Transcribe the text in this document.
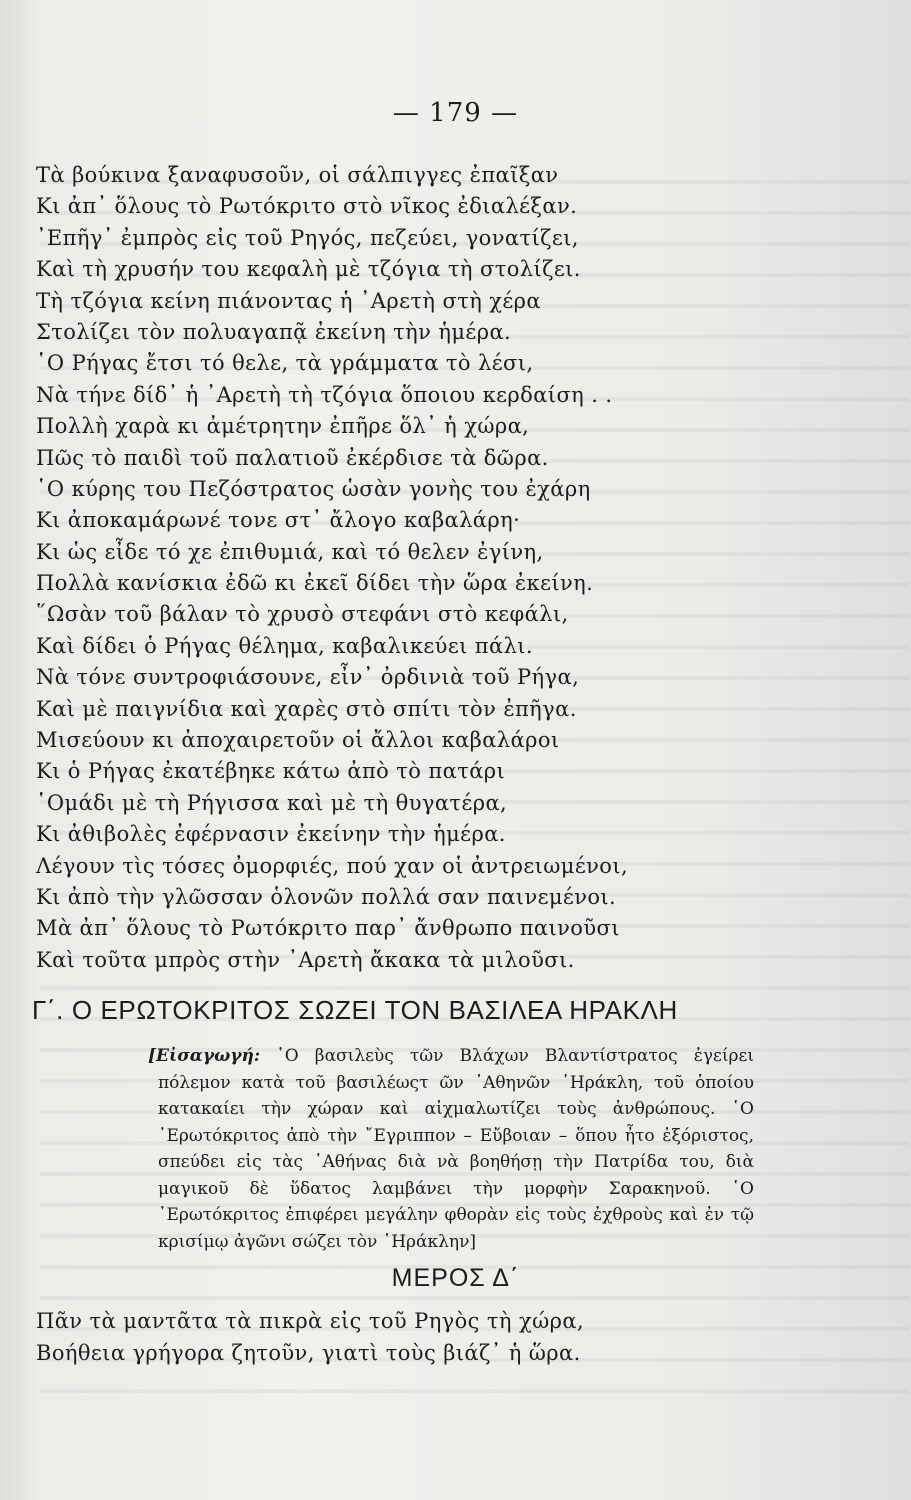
— 179 —
Τὰ βούκινα ξαναφυσοῦν, οἱ σάλπιγγες ἐπαῖξαν
Κι ἀπ᾿ ὅλους τὸ Ρωτόκριτο στὸ νῖκος ἐδιαλέξαν.
᾿Επῆγ᾿ ἐμπρὸς εἰς τοῦ Ρηγός, πεζεύει, γονατίζει,
Καὶ τὴ χρυσήν του κεφαλὴ μὲ τζόγια τὴ στολίζει.
Τὴ τζόγια κείνη πιάνοντας ἡ ᾿Αρετὴ στὴ χέρα
Στολίζει τὸν πολυαγαπᾷ ἐκείνη τὴν ἡμέρα.
῾Ο Ρήγας ἔτσι τό θελε, τὰ γράμματα τὸ λέσι,
Νὰ τήνε δίδ᾿ ἡ ᾿Αρετὴ τὴ τζόγια ὅποιου κερδαίση . .
Πολλὴ χαρὰ κι ἀμέτρητην ἐπῆρε ὅλ᾿ ἡ χώρα,
Πῶς τὸ παιδὶ τοῦ παλατιοῦ ἐκέρδισε τὰ δῶρα.
῾Ο κύρης του Πεζόστρατος ὡσὰν γονὴς του ἐχάρη
Κι ἀποκαμάρωνέ τονε στ᾿ ἄλογο καβαλάρη·
Κι ὡς εἶδε τό χε ἐπιθυμιά, καὶ τό θελεν ἐγίνη,
Πολλὰ κανίσκια ἐδῶ κι ἐκεῖ δίδει τὴν ὥρα ἐκείνη.
῞Ωσὰν τοῦ βάλαν τὸ χρυσὸ στεφάνι στὸ κεφάλι,
Καὶ δίδει ὁ Ρήγας θέλημα, καβαλικεύει πάλι.
Νὰ τόνε συντροφιάσουνε, εἶν᾿ ὀρδινιὰ τοῦ Ρήγα,
Καὶ μὲ παιγνίδια καὶ χαρὲς στὸ σπίτι τὸν ἐπῆγα.
Μισεύουν κι ἀποχαιρετοῦν οἱ ἄλλοι καβαλάροι
Κι ὁ Ρήγας ἐκατέβηκε κάτω ἀπὸ τὸ πατάρι
῾Ομάδι μὲ τὴ Ρήγισσα καὶ μὲ τὴ θυγατέρα,
Κι ἀθιβολὲς ἐφέρνασιν ἐκείνην τὴν ἡμέρα.
Λέγουν τὶς τόσες ὀμορφιές, πού χαν οἱ ἀντρειωμένοι,
Κι ἀπὸ τὴν γλῶσσαν ὁλονῶν πολλά σαν παινεμένοι.
Μὰ ἀπ᾿ ὅλους τὸ Ρωτόκριτο παρ᾿ ἄνθρωπο παινοῦσι
Καὶ τοῦτα μπρὸς στὴν ᾿Αρετὴ ἄκακα τὰ μιλοῦσι.
Γ΄. Ο ΕΡΩΤΟΚΡΙΤΟΣ ΣΩΖΕΙ ΤΟΝ ΒΑΣΙΛΕΑ ΗΡΑΚΛΗ
[Εἰσαγωγή: ῾Ο βασιλεὺς τῶν Βλάχων Βλαντίστρατος ἐγείρει πόλεμον κατὰ τοῦ βασιλέωςτ ῶν ᾿Αθηνῶν ῾Ηράκλη, τοῦ ὁποίου κατακαίει τὴν χώραν καὶ αἰχμαλωτίζει τοὺς ἀνθρώπους. ῾Ο ᾿Ερωτόκριτος ἀπὸ τὴν ῎Εγριππον – Εὔβοιαν – ὅπου ἦτο ἐξόριστος, σπεύδει εἰς τὰς ᾿Αθήνας διὰ νὰ βοηθήσῃ τὴν Πατρίδα του, διὰ μαγικοῦ δὲ ὕδατος λαμβάνει τὴν μορφὴν Σαρακηνοῦ. ῾Ο ᾿Ερωτόκριτος ἐπιφέρει μεγάλην φθορὰν εἰς τοὺς ἐχθροὺς καὶ ἐν τῷ κρισίμῳ ἀγῶνι σώζει τὸν ῾Ηράκλην]
ΜΕΡΟΣ Δ΄
Πᾶν τὰ μαντᾶτα τὰ πικρὰ εἰς τοῦ Ρηγὸς τὴ χώρα,
Βοήθεια γρήγορα ζητοῦν, γιατὶ τοὺς βιάζ᾿ ἡ ὥρα.
